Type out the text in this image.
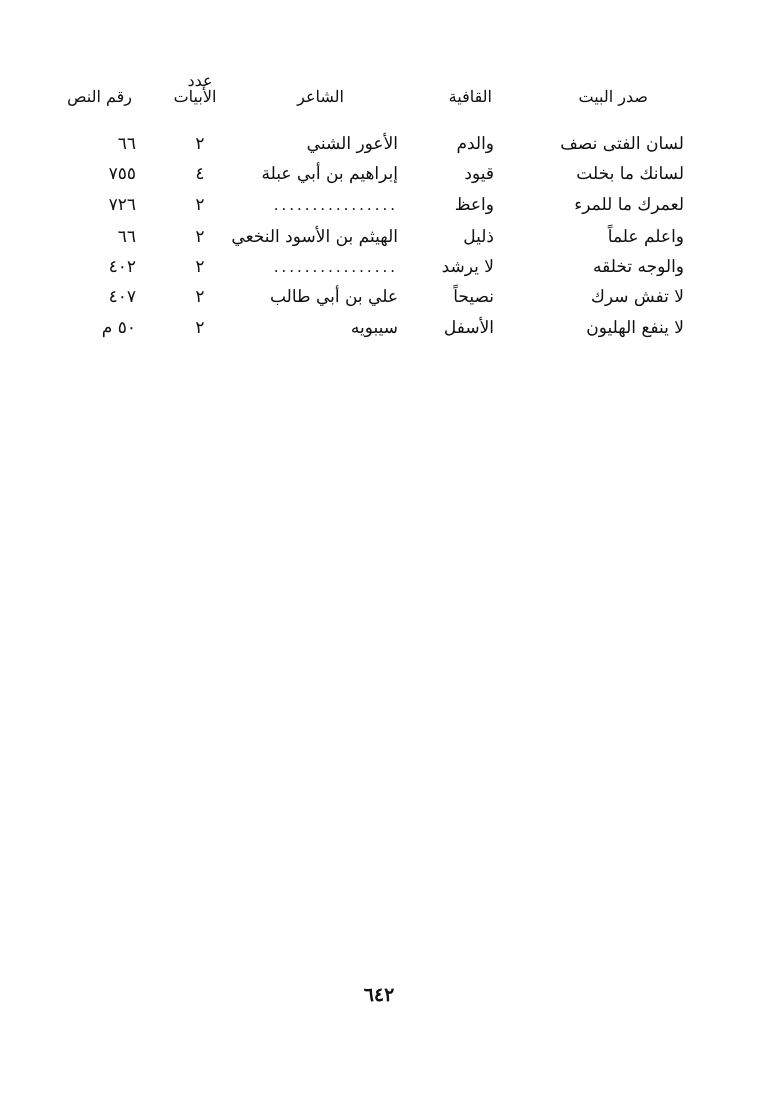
صدر البيت
القافية
الشاعر
عدد
الأبيات
رقم النص
لسان الفتى نصف
والدم
الأعور الشني
٢
٦٦
لسانك ما بخلت
قيود
إبراهيم بن أبي عبلة
٤
٧٥٥
لعمرك ما للمرء
واعظ
................
٢
٧٢٦
واعلم علماً
ذليل
الهيثم بن الأسود النخعي
٢
٦٦
والوجه تخلقه
لا يرشد
................
٢
٤٠٢
لا تفش سرك
نصيحاً
علي بن أبي طالب
٢
٤٠٧
لا ينفع الهليون
الأسفل
سيبويه
٢
٥٠ م
٦٤٢
